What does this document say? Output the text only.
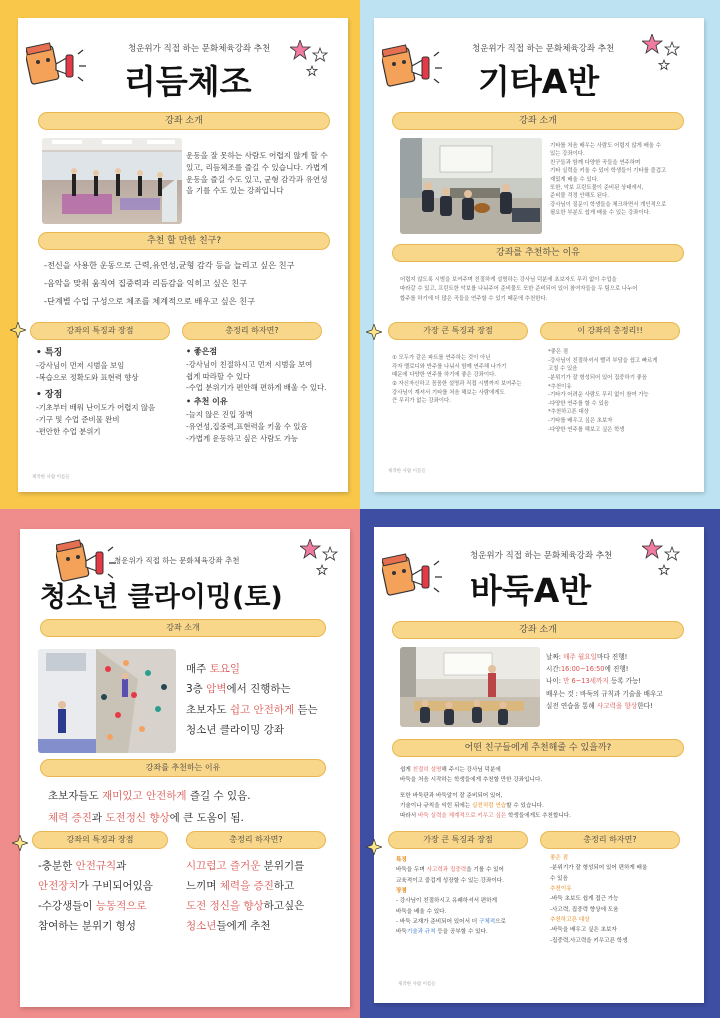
청운위가 직접 하는 문화체육강좌 추천
리듬체조
강좌 소개
운동을 잘 못하는 사람도 어렵지 않게 할 수
있고, 리듬체조를 즐길 수 있습니다. 가볍게
운동을 즐길 수도 있고, 균형 감각과 유연성
을 기를 수도 있는 강좌입니다
추천 할 만한 친구?
-전신을 사용한 운동으로 근력,유연성,균형 감각 등을 늘리고 싶은 친구
-음악을 맞춰 움직여 집중력과 리듬감을 익히고 싶은 친구
-단계별 수업 구성으로 체조를 체계적으로 배우고 싶은 친구
강좌의 특징과 장점	총정리 하자면?
• 특징
-강사님이 먼저 시범을 보임
-복습으로 정확도와 표현력 향상
• 장점
-기초부터 배워 난이도가 어렵지 않음
-기구 및 수업 준비물 완비
-편안한 수업 분위기
• 좋은점
-강사님이 친절하시고 먼저 시범을 보여
쉽게 따라할 수 있다
-수업 분위기가 편안해 편하게 배울 수 있다.
• 추천 이유
-늘지 않은 진입 장벽
-유연성,집중력,표현력을 키울 수 있음
-가볍게 운동하고 싶은 사람도 가능
제작한 사람 이름들
청운위가 직접 하는 문화체육강좌 추천
기타A반
강좌 소개
기타를 처음 배우는 사람도 어렵지 않게 배울 수
있는 강좌이다.
친구들과 함께 다양한 곡들을 연주하며
기타 실력을 키울 수 있어 학생들이 기타를 즐겁고
재밌게 배울 수 있다.
또한, 악보 프린트물이 준비된 상태에서,
준비물 걱정 안해도 된다.
강사님이 질문이 학생들을 체크하면서 개인적으로
필요한 부분도 쉽게 배울 수 있는 강좌이다.
강좌를 추천하는 이유
어렵지 않도록 시범을 보여주며 친절하게 설명하는 강사님 덕분에 초보자도 무리 없이 수업을
따라갈 수 있고, 프린트한 악보를 나눠주어 준비물도 또한 준비되어 있어 참여자들을 두 팀으로 나누어
합주를 하기에 더 많은 곡들을 연주할 수 있기 때문에 추천한다.
가장 큰 특징과 장점	이 강좌의 총정리!!
① 모두가 같은 파트를 연주하는 것이 아닌
각자 멜로디와 반주를 나눠서 함께 연주해 나가기
때문에 다양한 연주를 하기에 좋은 강좌이다.
② 자신자신하고 꼼꼼한 설명과 직접 시범까지 보여주는
강사님이 계셔서 기타를 처음 해보는 사람에게도
큰 무리가 없는 강좌이다.
*좋은 점
-강사님이 친절하셔서 빨리 부담을 쉽고 빠르게
고칠 수 있음
-분위기가 잘 형성되어 있어 집중하기 좋음
*추천이유
-기타가 어려운 사람도 무리 없이 참여 가능
-다양한 연주를 할 수 있음
*추천하고픈 대상
-기타를 배우고 싶은 초보자
-다양한 연주를 해보고 싶은 학생
제작한 사람 이름들
청운위가 직접 하는 문화체육강좌 추천
청소년 클라이밍(토)
강좌 소개
매주 토요일
3층 암벽에서 진행하는
초보자도 쉽고 안전하게 듣는
청소년 클라이밍 강좌
강좌를 추천하는 이유
초보자들도 재미있고 안전하게 즐길 수 있음.
체력 증진과 도전정신 향상에 큰 도움이 됨.
강좌의 특징과 장점	총정리 하자면?
-충분한 안전규칙과
안전장치가 구비되어있음
-수강생들이 능동적으로
참여하는 분위기 형성
시끄럽고 즐거운 분위기를
느끼며 체력을 증진하고
도전 정신을 향상하고싶은
청소년들에게 추천
청운위가 직접 하는 문화체육강좌 추천
바둑A반
강좌 소개
날짜: 매주 월요일마다 진행!
시간:16:00~16:50에 진행!
나이: 만 6~13세까지 등록 가능!
배우는 것 : 바둑의 규칙과 기술을 배우고
실전 연습을 통해 사고력을 향상한다!
어떤 친구들에게 추천해줄 수 있을까?
쉽게 친절히 설명해 주시는 강사님 덕분에
바둑을 처음 시작하는 학생들에게 추천할 만한 강좌입니다.
또한 바둑판과 바둑알이 잘 준비되어 있어,
기술이나 규칙을 익힌 뒤에는 실전처럼 연습할 수 있습니다.
따라서 바둑 실력을 체계적으로 키우고 싶은 학생들에게도 추천합니다.
가장 큰 특징과 장점	총정리 하자면?
특징
바둑을 두며 사고력과 집중력을 기를 수 있어
교육적이고 즐겁게 성장할 수 있는 강좌이다.
장점
- 강사님이 친절하시고 유쾌하셔서 편하게
바둑을 배울 수 있다.
- 바둑 교재가 준비되어 있어서 더 구체적으로
바둑기술과 규칙 등을 공부할 수 있다.
좋은 점
-분위기가 잘 형성되어 있어 편하게 배울
수 있음
추천이유
-바둑 초보도 쉽게 접근 가능
-사고력, 집중력 향상에 도움
추천하고픈 대상
-바둑을 배우고 싶은 초보자
-집중력,사고력을 키우고픈 학생
제작한 사람 이름들
